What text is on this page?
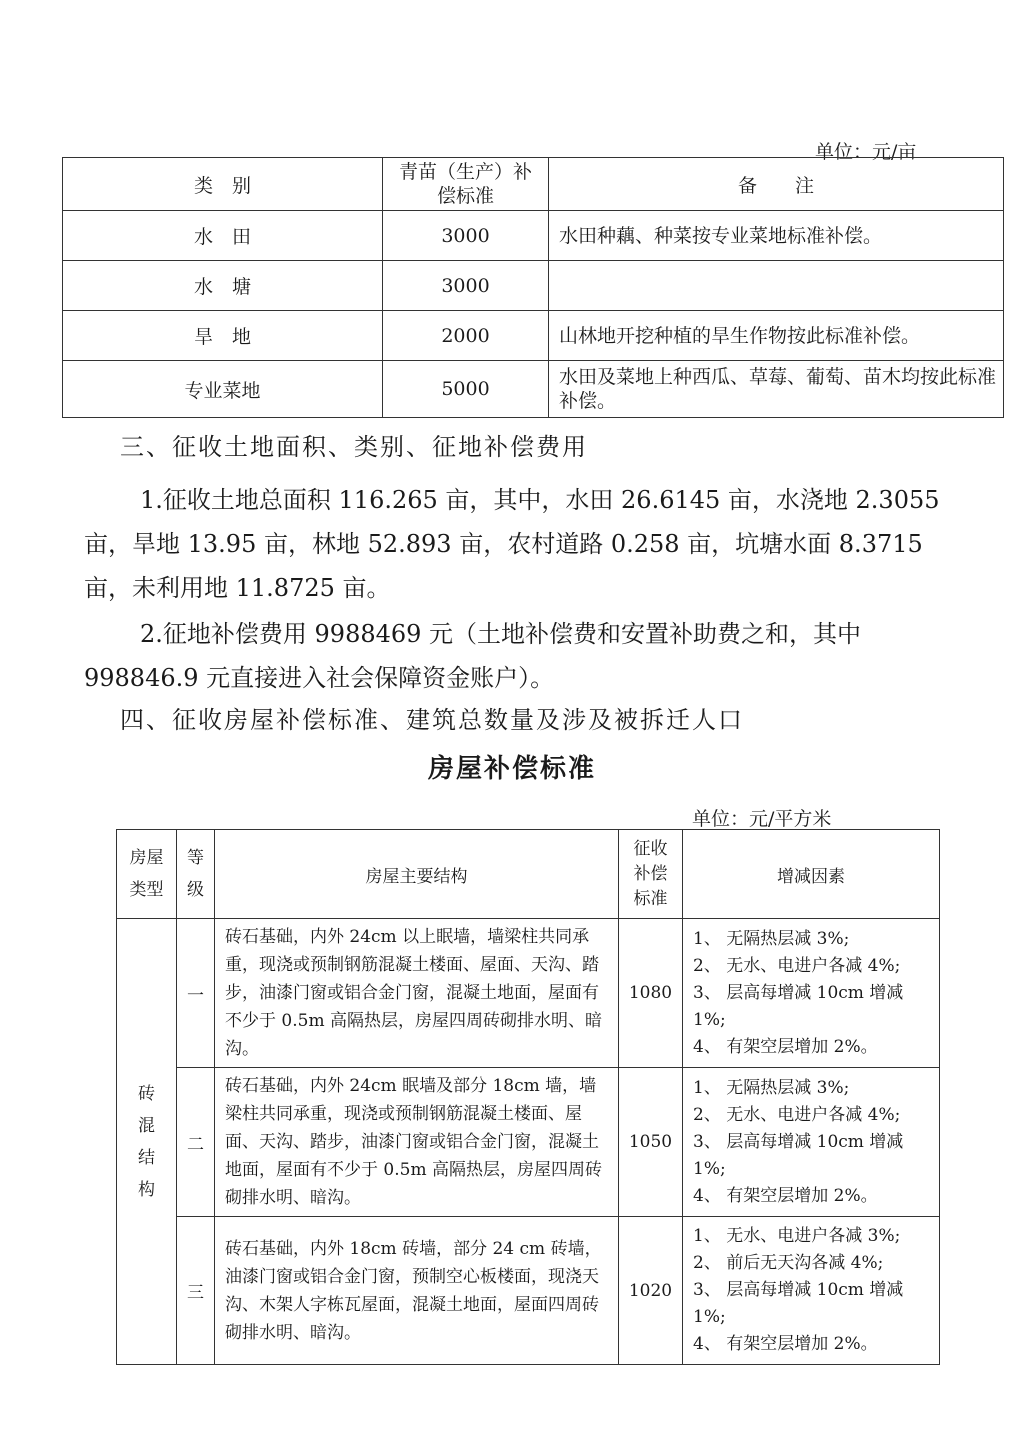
单位：元/亩
类　别	青苗（生产）补偿标准	备　　注
水　田	3000	水田种藕、种菜按专业菜地标准补偿。
水　塘	3000	
旱　地	2000	山林地开挖种植的旱生作物按此标准补偿。
专业菜地	5000	水田及菜地上种西瓜、草莓、葡萄、苗木均按此标准补偿。
三、征收土地面积、类别、征地补偿费用
1.征收土地总面积 116.265 亩，其中，水田 26.6145 亩，水浇地 2.3055 亩，旱地 13.95 亩，林地 52.893 亩，农村道路 0.258 亩，坑塘水面 8.3715 亩，未利用地 11.8725 亩。
2.征地补偿费用 9988469 元（土地补偿费和安置补助费之和，其中 998846.9 元直接进入社会保障资金账户）。
四、征收房屋补偿标准、建筑总数量及涉及被拆迁人口
房屋补偿标准
单位：元/平方米
房屋类型	等级	房屋主要结构	征收补偿标准	增减因素
砖混结构	一	砖石基础，内外 24cm 以上眠墙，墙梁柱共同承重，现浇或预制钢筋混凝土楼面、屋面、天沟、踏步，油漆门窗或铝合金门窗，混凝土地面，屋面有不少于 0.5m 高隔热层，房屋四周砖砌排水明、暗沟。	1080	1、 无隔热层减 3%;
2、 无水、电进户各减 4%;
3、 层高每增减 10cm 增减 1%;
4、 有架空层增加 2%。

	二	砖石基础，内外 24cm 眠墙及部分 18cm 墙，墙梁柱共同承重，现浇或预制钢筋混凝土楼面、屋面、天沟、踏步，油漆门窗或铝合金门窗，混凝土地面，屋面有不少于 0.5m 高隔热层，房屋四周砖砌排水明、暗沟。	1050	1、 无隔热层减 3%;
2、 无水、电进户各减 4%;
3、 层高每增减 10cm 增减 1%;
4、 有架空层增加 2%。

	三	砖石基础，内外 18cm 砖墙，部分 24 cm 砖墙，油漆门窗或铝合金门窗，预制空心板楼面，现浇天沟、木架人字栋瓦屋面，混凝土地面，屋面四周砖砌排水明、暗沟。	1020	1、 无水、电进户各减 3%;
2、 前后无天沟各减 4%;
3、 层高每增减 10cm 增减 1%;
4、 有架空层增加 2%。
